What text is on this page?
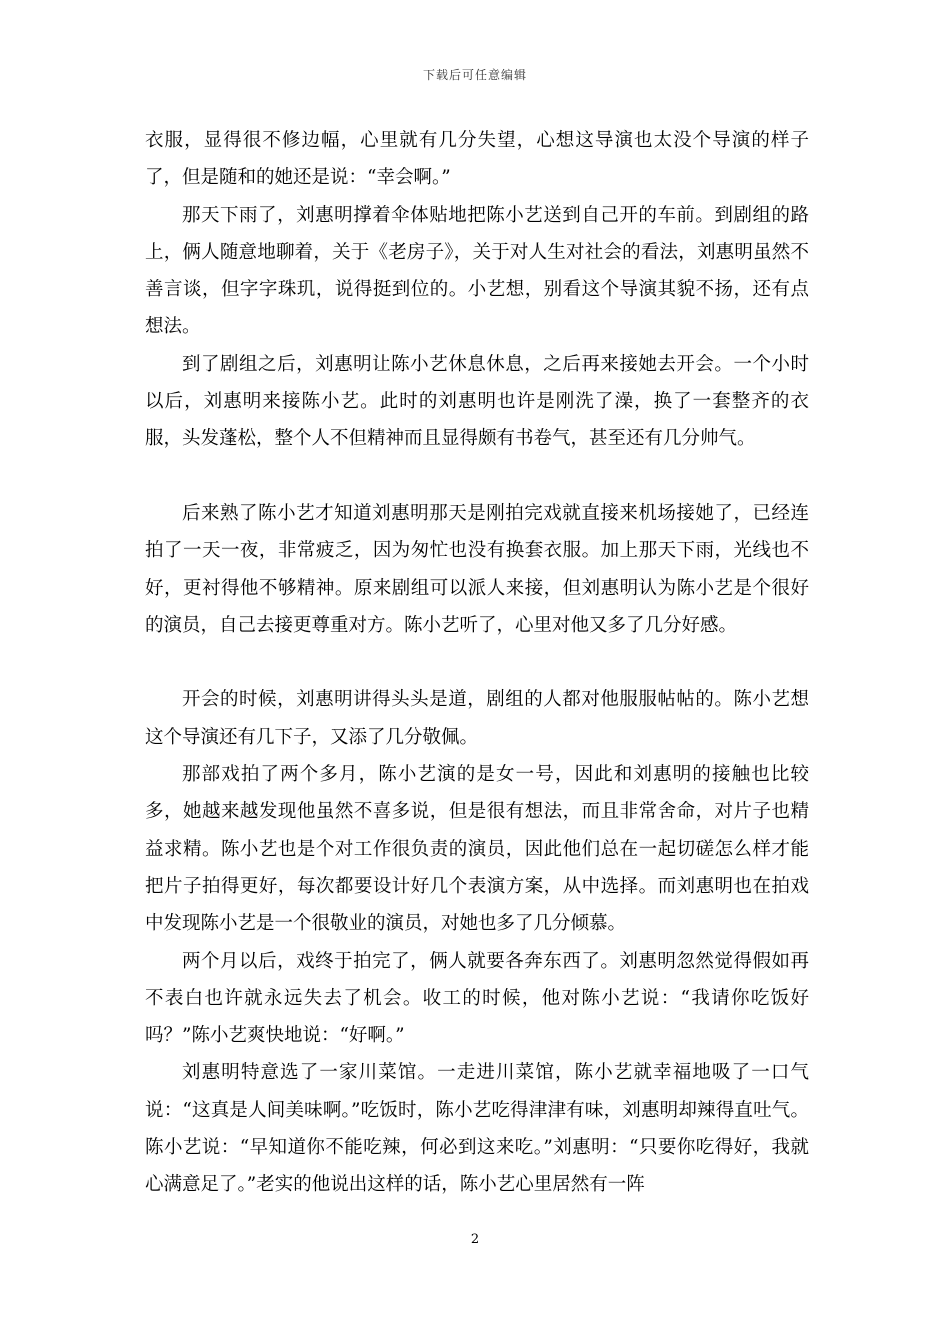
下载后可任意编辑

衣服，显得很不修边幅，心里就有几分失望，心想这导演也太没个导演的样子了，但是随和的她还是说：“幸会啊。”

那天下雨了，刘惠明撑着伞体贴地把陈小艺送到自己开的车前。到剧组的路上，俩人随意地聊着，关于《老房子》，关于对人生对社会的看法，刘惠明虽然不善言谈，但字字珠玑，说得挺到位的。小艺想，别看这个导演其貌不扬，还有点想法。

到了剧组之后，刘惠明让陈小艺休息休息，之后再来接她去开会。一个小时以后，刘惠明来接陈小艺。此时的刘惠明也许是刚洗了澡，换了一套整齐的衣服，头发蓬松，整个人不但精神而且显得颇有书卷气，甚至还有几分帅气。

后来熟了陈小艺才知道刘惠明那天是刚拍完戏就直接来机场接她了，已经连拍了一天一夜，非常疲乏，因为匆忙也没有换套衣服。加上那天下雨，光线也不好，更衬得他不够精神。原来剧组可以派人来接，但刘惠明认为陈小艺是个很好的演员，自己去接更尊重对方。陈小艺听了，心里对他又多了几分好感。

开会的时候，刘惠明讲得头头是道，剧组的人都对他服服帖帖的。陈小艺想这个导演还有几下子，又添了几分敬佩。

那部戏拍了两个多月，陈小艺演的是女一号，因此和刘惠明的接触也比较多，她越来越发现他虽然不喜多说，但是很有想法，而且非常舍命，对片子也精益求精。陈小艺也是个对工作很负责的演员，因此他们总在一起切磋怎么样才能把片子拍得更好，每次都要设计好几个表演方案，从中选择。而刘惠明也在拍戏中发现陈小艺是一个很敬业的演员，对她也多了几分倾慕。

两个月以后，戏终于拍完了，俩人就要各奔东西了。刘惠明忽然觉得假如再不表白也许就永远失去了机会。收工的时候，他对陈小艺说：“我请你吃饭好吗？”陈小艺爽快地说：“好啊。”

刘惠明特意选了一家川菜馆。一走进川菜馆，陈小艺就幸福地吸了一口气说：“这真是人间美味啊。”吃饭时，陈小艺吃得津津有味，刘惠明却辣得直吐气。陈小艺说：“早知道你不能吃辣，何必到这来吃。”刘惠明：“只要你吃得好，我就心满意足了。”老实的他说出这样的话，陈小艺心里居然有一阵

2
